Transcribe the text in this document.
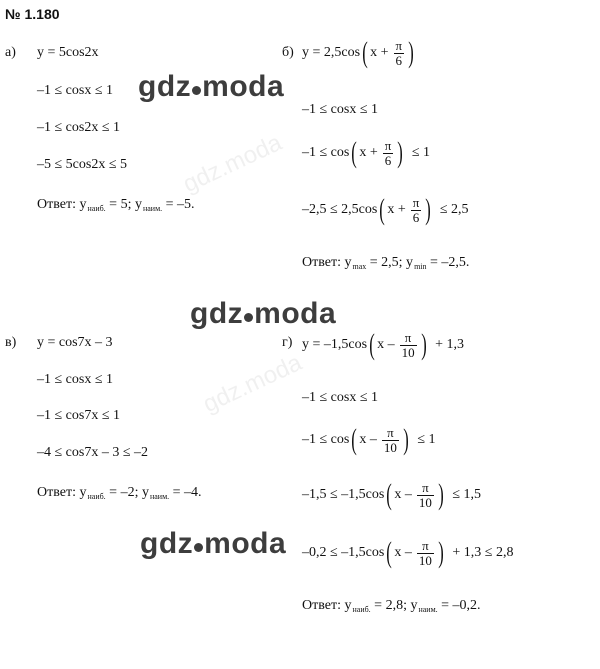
gdz.moda
gdz.moda
№ 1.180
а) y = 5cos2x
–1 ≤ cosx ≤ 1
–1 ≤ cos2x ≤ 1
–5 ≤ 5cos2x ≤ 5
Ответ: $y_{наиб.} = 5$; $y_{наим.} = -5$.
б) y = 2,5cos ( $x + \frac{\pi}{6}$ )
–1 ≤ cosx ≤ 1
–1 ≤ cos ( $x + \frac{\pi}{6}$ )
≤ 1
–2,5 ≤ 2,5cos ( $x + \frac{\pi}{6}$ )
≤ 2,5
Ответ: $y_{max} = 2,5$; $y_{min} = -2,5$.
в) y = cos7x – 3
–1 ≤ cosx ≤ 1
–1 ≤ cos7x ≤ 1
–4 ≤ cos7x – 3 ≤ –2
Ответ: $y_{наиб.} = -2$; $y_{наим.} = -4$.
г) y = –1,5cos ( x – $\frac{\pi}{10}$ )
+ 1,3
–1 ≤ cosx ≤ 1
–1 ≤ cos ( x – $\frac{\pi}{10}$ )
≤ 1
–1,5 ≤ –1,5cos ( x – $\frac{\pi}{10}$ )
≤ 1,5
–0,2 ≤ –1,5cos ( x – $\frac{\pi}{10}$ )
+ 1,3 ≤ 2,8
Ответ: $y_{наиб.} = 2,8$; $y_{наим.} = -0,2$.
gdz moda
gdz moda
gdz moda
